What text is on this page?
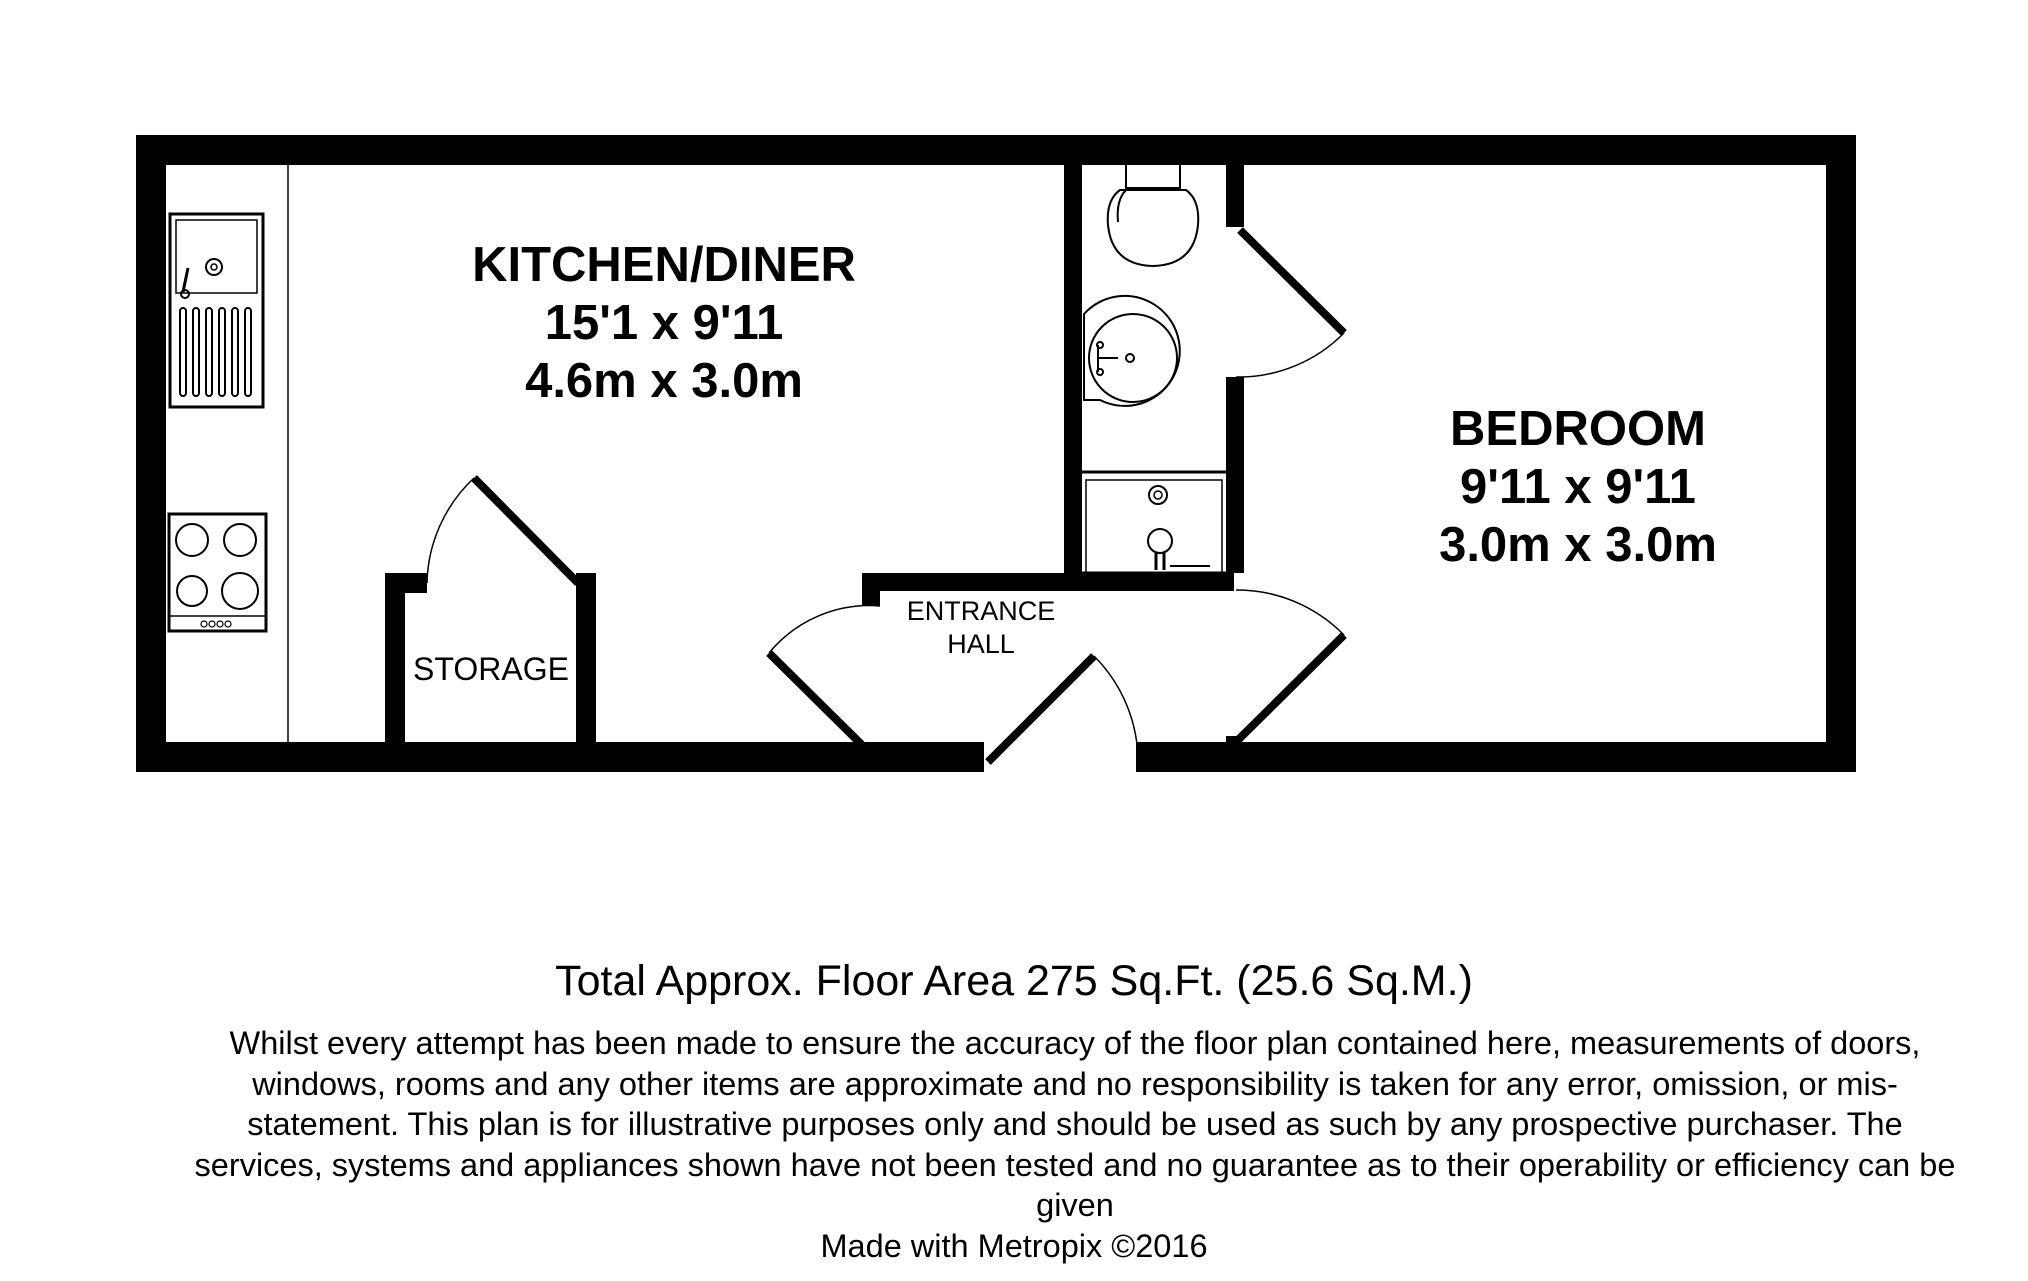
KITCHEN/DINER
15'1 x 9'11
4.6m x 3.0m
BEDROOM
9'11 x 9'11
3.0m x 3.0m
ENTRANCE
HALL
STORAGE
Total Approx. Floor Area 275 Sq.Ft. (25.6 Sq.M.)
Whilst every attempt has been made to ensure the accuracy of the floor plan contained here, measurements of doors, windows, rooms and any other items are approximate and no responsibility is taken for any error, omission, or mis-statement. This plan is for illustrative purposes only and should be used as such by any prospective purchaser. The services, systems and appliances shown have not been tested and no guarantee as to their operability or efficiency can be given
Made with Metropix ©2016
